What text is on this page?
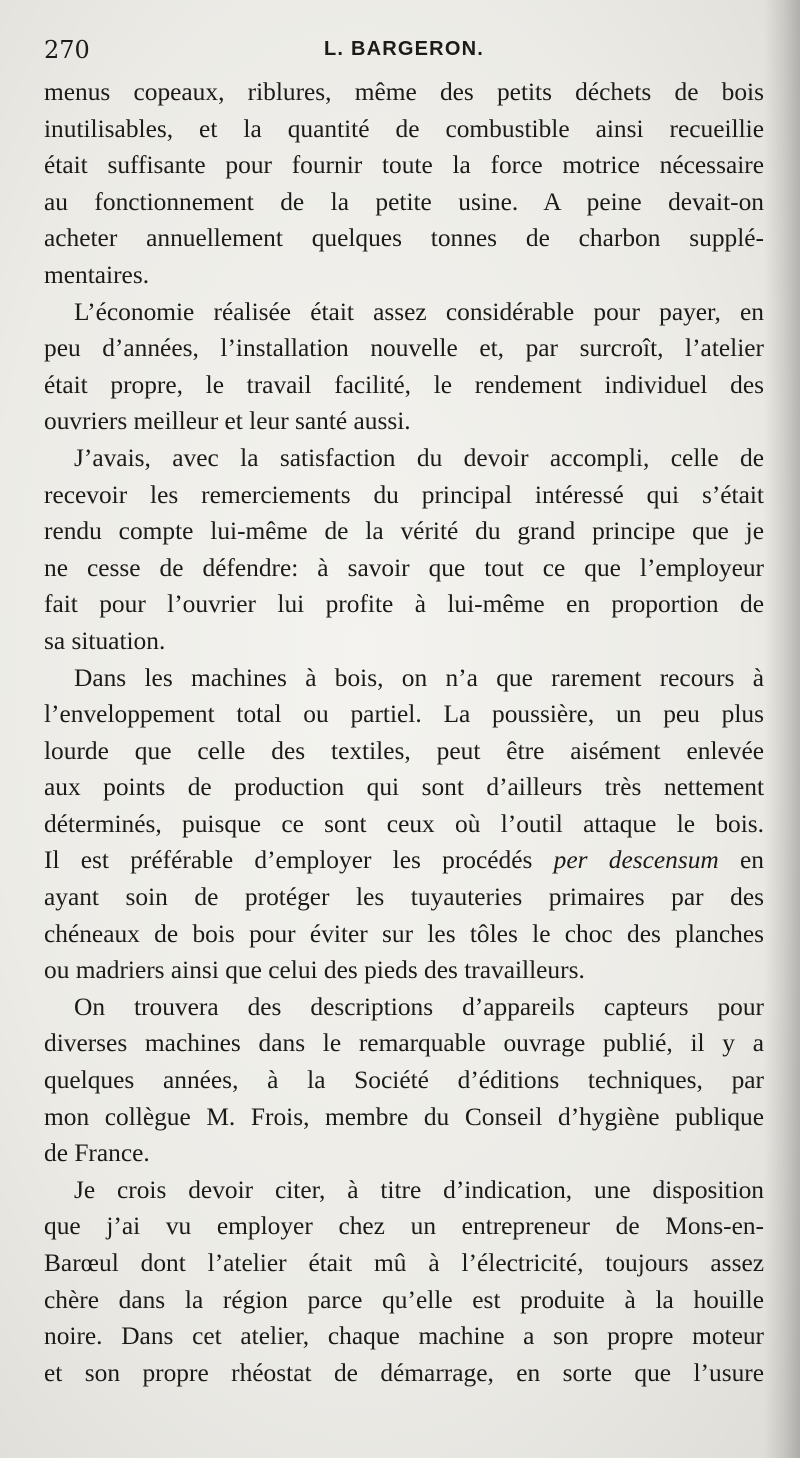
270	L. BARGERON.
menus copeaux, riblures, même des petits déchets de bois
inutilisables, et la quantité de combustible ainsi recueillie
était suffisante pour fournir toute la force motrice nécessaire
au fonctionnement de la petite usine. A peine devait-on
acheter annuellement quelques tonnes de charbon supplé-
mentaires.
L’économie réalisée était assez considérable pour payer, en
peu d’années, l’installation nouvelle et, par surcroît, l’atelier
était propre, le travail facilité, le rendement individuel des
ouvriers meilleur et leur santé aussi.
J’avais, avec la satisfaction du devoir accompli, celle de
recevoir les remerciements du principal intéressé qui s’était
rendu compte lui-même de la vérité du grand principe que je
ne cesse de défendre: à savoir que tout ce que l’employeur
fait pour l’ouvrier lui profite à lui-même en proportion de
sa situation.
Dans les machines à bois, on n’a que rarement recours à
l’enveloppement total ou partiel. La poussière, un peu plus
lourde que celle des textiles, peut être aisément enlevée
aux points de production qui sont d’ailleurs très nettement
déterminés, puisque ce sont ceux où l’outil attaque le bois.
Il est préférable d’employer les procédés per descensum en
ayant soin de protéger les tuyauteries primaires par des
chéneaux de bois pour éviter sur les tôles le choc des planches
ou madriers ainsi que celui des pieds des travailleurs.
On trouvera des descriptions d’appareils capteurs pour
diverses machines dans le remarquable ouvrage publié, il y a
quelques années, à la Société d’éditions techniques, par
mon collègue M. Frois, membre du Conseil d’hygiène publique
de France.
Je crois devoir citer, à titre d’indication, une disposition
que j’ai vu employer chez un entrepreneur de Mons-en-
Barœul dont l’atelier était mû à l’électricité, toujours assez
chère dans la région parce qu’elle est produite à la houille
noire. Dans cet atelier, chaque machine a son propre moteur
et son propre rhéostat de démarrage, en sorte que l’usure
